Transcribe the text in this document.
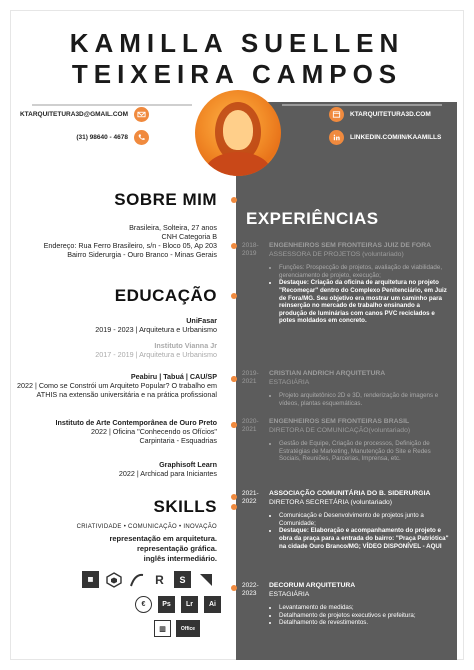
KAMILLA SUELLEN
TEIXEIRA CAMPOS
KTARQUITETURA3D@GMAIL.COM
(31) 98640 - 4678
KTARQUITETURA3D.COM
LINKEDIN.COM/IN/KAAMILLS
SOBRE MIM
Brasileira, Solteira, 27 anos
CNH Categoria B
Endereço: Rua Ferro Brasileiro, s/n - Bloco 05, Ap 203
Bairro Siderurgia - Ouro Branco - Minas Gerais
EDUCAÇÃO
UniFasar
2019 - 2023 | Arquitetura e Urbanismo
Instituto Vianna Jr
2017 - 2019 | Arquitetura e Urbanismo
Peabiru | Tabuá | CAU/SP
2022 | Como se Constrói um Arquiteto Popular? O trabalho em ATHIS na extensão universitária e na prática profissional
Instituto de Arte Contemporânea de Ouro Preto
2022 | Oficina "Conhecendo os Ofícios" Carpintaria - Esquadrias
Graphisoft Learn
2022 | Archicad para Iniciantes
SKILLS
CRIATIVIDADE • COMUNICAÇÃO • INOVAÇÃO
representação em arquitetura.
representação gráfica.
inglês intermediário.
▦	R	S
€	Ps	Lr	Ai
▥	Office
EXPERIÊNCIAS
2018-
2019
ENGENHEIROS SEM FRONTEIRAS JUIZ DE FORA
ASSESSORA DE PROJETOS (voluntariado)
• Funções: Prospecção de projetos, avaliação de viabilidade, gerenciamento de projeto, execução;
• Destaque: Criação da oficina de arquitetura no projeto "Recomeçar" dentro do Complexo Penitenciário, em Juiz de Fora/MG. Seu objetivo era mostrar um caminho para reinserção no mercado de trabalho ensinando a produção de luminárias com canos PVC reciclados e potes moldados em concreto.
2019-
2021
CRISTIAN ANDRICH ARQUITETURA
ESTAGIÁRIA
• Projeto arquitetônico 2D e 3D, renderização de imagens e vídeos, plantas esquemáticas.
2020-
2021
ENGENHEIROS SEM FRONTEIRAS BRASIL
DIRETORA DE COMUNICAÇÃO(voluntariado)
• Gestão de Equipe, Criação de processos, Definição de Estratégias de Marketing, Manutenção do Site e Redes Sociais, Reuniões, Parcerias, Imprensa, etc.
2021-
2022
ASSOCIAÇÃO COMUNITÁRIA DO B. SIDERURGIA
DIRETORA SECRETÁRIA (voluntariado)
• Comunicação e Desenvolvimento de projetos junto a Comunidade;
• Destaque: Elaboração e acompanhamento do projeto e obra da praça para a entrada do bairro: "Praça Patriótica" na cidade Ouro Branco/MG; VÍDEO DISPONÍVEL - AQUI
2022-
2023
DECORUM ARQUITETURA
ESTAGIÁRIA
• Levantamento de medidas;
• Detalhamento de projetos executivos e prefeitura;
• Detalhamento de revestimentos.
